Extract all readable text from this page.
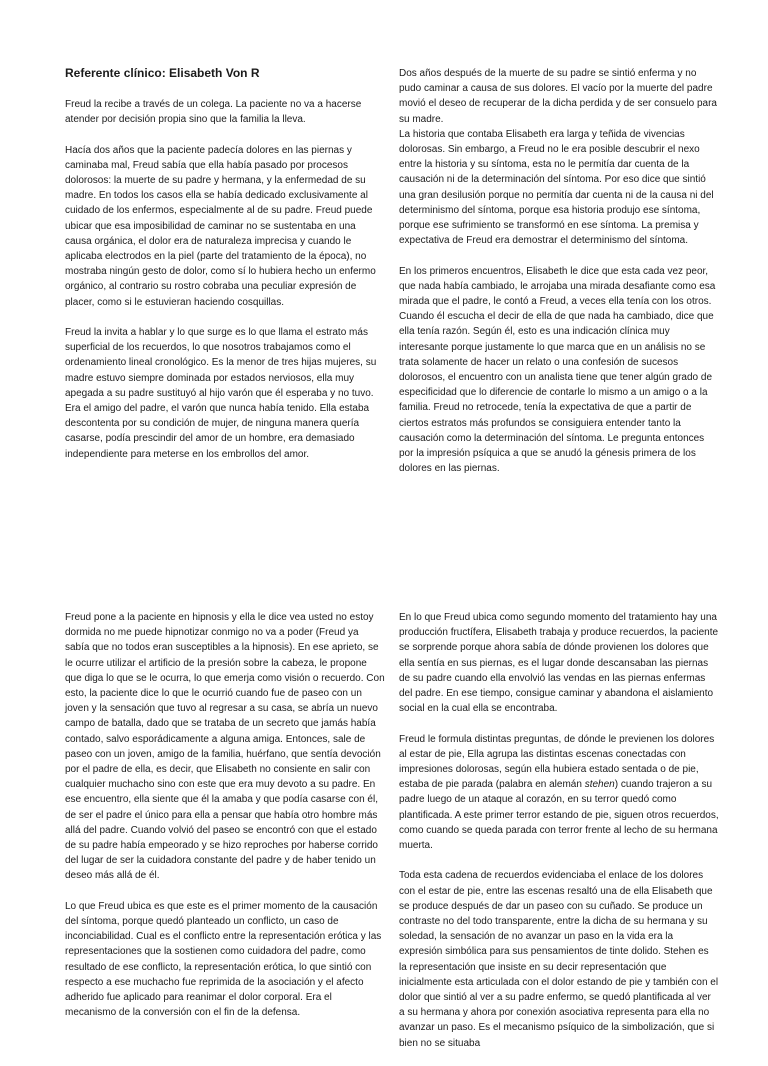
Referente clínico: Elisabeth Von R

Freud la recibe a través de un colega. La paciente no va a hacerse atender por decisión propia sino que la familia la lleva.

Hacía dos años que la paciente padecía dolores en las piernas y caminaba mal, Freud sabía que ella había pasado por procesos dolorosos: la muerte de su padre y hermana, y la enfermedad de su madre. En todos los casos ella se había dedicado exclusivamente al cuidado de los enfermos, especialmente al de su padre. Freud puede ubicar que esa imposibilidad de caminar no se sustentaba en una causa orgánica, el dolor era de naturaleza imprecisa y cuando le aplicaba electrodos en la piel (parte del tratamiento de la época), no mostraba ningún gesto de dolor, como sí lo hubiera hecho un enfermo orgánico, al contrario su rostro cobraba una peculiar expresión de placer, como si le estuvieran haciendo cosquillas.

Freud la invita a hablar y lo que surge es lo que llama el estrato más superficial de los recuerdos, lo que nosotros trabajamos como el ordenamiento lineal cronológico. Es la menor de tres hijas mujeres, su madre estuvo siempre dominada por estados nerviosos, ella muy apegada a su padre sustituyó al hijo varón que él esperaba y no tuvo. Era el amigo del padre, el varón que nunca había tenido. Ella estaba descontenta por su condición de mujer, de ninguna manera quería casarse, podía prescindir del amor de un hombre, era demasiado independiente para meterse en los embrollos del amor.

Dos años después de la muerte de su padre se sintió enferma y no pudo caminar a causa de sus dolores. El vacío por la muerte del padre movió el deseo de recuperar de la dicha perdida y de ser consuelo para su madre.

La historia que contaba Elisabeth era larga y teñida de vivencias dolorosas. Sin embargo, a Freud no le era posible descubrir el nexo entre la historia y su síntoma, esta no le permitía dar cuenta de la causación ni de la determinación del síntoma. Por eso dice que sintió una gran desilusión porque no permitía dar cuenta ni de la causa ni del determinismo del síntoma, porque esa historia produjo ese síntoma, porque ese sufrimiento se transformó en ese síntoma. La premisa y expectativa de Freud era demostrar el determinismo del síntoma.

En los primeros encuentros, Elisabeth le dice que esta cada vez peor, que nada había cambiado, le arrojaba una mirada desafiante como esa mirada que el padre, le contó a Freud, a veces ella tenía con los otros. Cuando él escucha el decir de ella de que nada ha cambiado, dice que ella tenía razón. Según él, esto es una indicación clínica muy interesante porque justamente lo que marca que en un análisis no se trata solamente de hacer un relato o una confesión de sucesos dolorosos, el encuentro con un analista tiene que tener algún grado de especificidad que lo diferencie de contarle lo mismo a un amigo o a la familia. Freud no retrocede, tenía la expectativa de que a partir de ciertos estratos más profundos se consiguiera entender tanto la causación como la determinación del síntoma. Le pregunta entonces por la impresión psíquica a que se anudó la génesis primera de los dolores en las piernas.

Freud pone a la paciente en hipnosis y ella le dice vea usted no estoy dormida no me puede hipnotizar conmigo no va a poder (Freud ya sabía que no todos eran susceptibles a la hipnosis). En ese aprieto, se le ocurre utilizar el artificio de la presión sobre la cabeza, le propone que diga lo que se le ocurra, lo que emerja como visión o recuerdo. Con esto, la paciente dice lo que le ocurrió cuando fue de paseo con un joven y la sensación que tuvo al regresar a su casa, se abría un nuevo campo de batalla, dado que se trataba de un secreto que jamás había contado, salvo esporádicamente a alguna amiga. Entonces, sale de paseo con un joven, amigo de la familia, huérfano, que sentía devoción por el padre de ella, es decir, que Elisabeth no consiente en salir con cualquier muchacho sino con este que era muy devoto a su padre. En ese encuentro, ella siente que él la amaba y que podía casarse con él, de ser el padre el único para ella a pensar que había otro hombre más allá del padre. Cuando volvió del paseo se encontró con que el estado de su padre había empeorado y se hizo reproches por haberse corrido del lugar de ser la cuidadora constante del padre y de haber tenido un deseo más allá de él.

Lo que Freud ubica es que este es el primer momento de la causación del síntoma, porque quedó planteado un conflicto, un caso de inconciabilidad. Cual es el conflicto entre la representación erótica y las representaciones que la sostienen como cuidadora del padre, como resultado de ese conflicto, la representación erótica, lo que sintió con respecto a ese muchacho fue reprimida de la asociación y el afecto adherido fue aplicado para reanimar el dolor corporal. Era el mecanismo de la conversión con el fin de la defensa.

En lo que Freud ubica como segundo momento del tratamiento hay una producción fructífera, Elisabeth trabaja y produce recuerdos, la paciente se sorprende porque ahora sabía de dónde provienen los dolores que ella sentía en sus piernas, es el lugar donde descansaban las piernas de su padre cuando ella envolvió las vendas en las piernas enfermas del padre. En ese tiempo, consigue caminar y abandona el aislamiento social en la cual ella se encontraba.

Freud le formula distintas preguntas, de dónde le previenen los dolores al estar de pie, Ella agrupa las distintas escenas conectadas con impresiones dolorosas, según ella hubiera estado sentada o de pie, estaba de pie parada (palabra en alemán stehen) cuando trajeron a su padre luego de un ataque al corazón, en su terror quedó como plantificada. A este primer terror estando de pie, siguen otros recuerdos, como cuando se queda parada con terror frente al lecho de su hermana muerta.

Toda esta cadena de recuerdos evidenciaba el enlace de los dolores con el estar de pie, entre las escenas resaltó una de ella Elisabeth que se produce después de dar un paseo con su cuñado. Se produce un contraste no del todo transparente, entre la dicha de su hermana y su soledad, la sensación de no avanzar un paso en la vida era la expresión simbólica para sus pensamientos de tinte dolido. Stehen es la representación que insiste en su decir representación que inicialmente esta articulada con el dolor estando de pie y también con el dolor que sintió al ver a su padre enfermo, se quedó plantificada al ver a su hermana y ahora por conexión asociativa representa para ella no avanzar un paso. Es el mecanismo psíquico de la simbolización, que si bien no se situaba
